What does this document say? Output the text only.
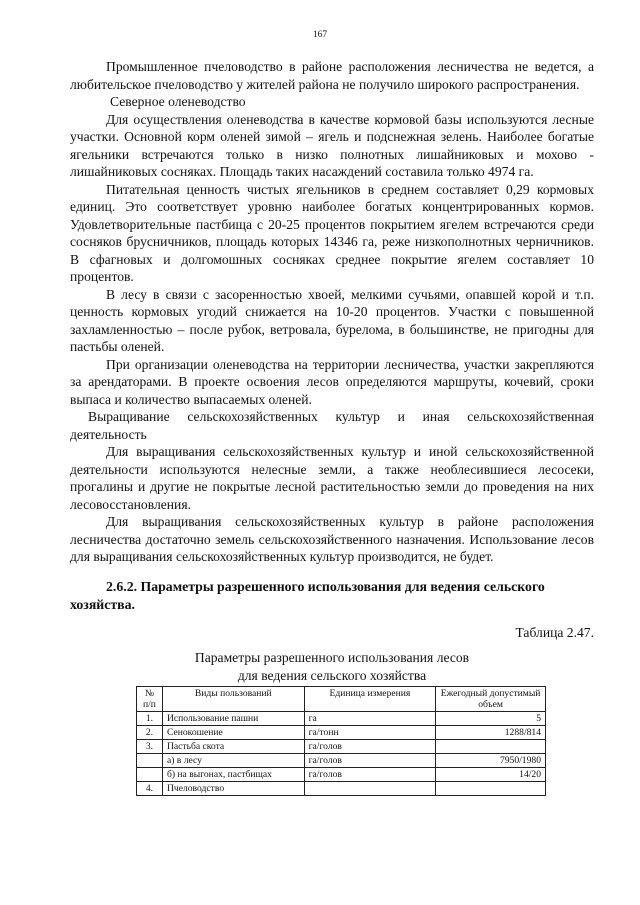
167

Промышленное пчеловодство в районе расположения лесничества не ведется, а любительское пчеловодство у жителей района не получило широкого распространения.

Северное оленеводство

Для осуществления оленеводства в качестве кормовой базы используются лесные участки. Основной корм оленей зимой – ягель и подснежная зелень. Наиболее богатые ягельники встречаются только в низко полнотных лишайниковых и мохово - лишайниковых сосняках. Площадь таких насаждений составила только 4974 га.

Питательная ценность чистых ягельников в среднем составляет 0,29 кормовых единиц. Это соответствует уровню наиболее богатых концентрированных кормов. Удовлетворительные пастбища с 20-25 процентов покрытием ягелем встречаются среди сосняков брусничников, площадь которых 14346 га, реже низкополнотных черничников. В сфагновых и долгомошных сосняках среднее покрытие ягелем составляет 10 процентов.

В лесу в связи с засоренностью хвоей, мелкими сучьями, опавшей корой и т.п. ценность кормовых угодий снижается на 10-20 процентов. Участки с повышенной захламленностью – после рубок, ветровала, бурелома, в большинстве, не пригодны для пастьбы оленей.

При организации оленеводства на территории лесничества, участки закрепляются за арендаторами. В проекте освоения лесов определяются маршруты, кочевий, сроки выпаса и количество выпасаемых оленей.

Выращивание сельскохозяйственных культур и иная сельскохозяйственная деятельность

Для выращивания сельскохозяйственных культур и иной сельскохозяйственной деятельности используются нелесные земли, а также необлесившиеся лесосеки, прогалины и другие не покрытые лесной растительностью земли до проведения на них лесовосстановления.

Для выращивания сельскохозяйственных культур в районе расположения лесничества достаточно земель сельскохозяйственного назначения. Использование лесов для выращивания сельскохозяйственных культур производится, не будет.

2.6.2. Параметры разрешенного использования для ведения сельского хозяйства.
Таблица 2.47.
Параметры разрешенного использования лесов
для ведения сельского хозяйства
№ п/п	Виды пользований	Единица измерения	Ежегодный допустимый объем
1.	Использование пашни	га	5
2.	Сенокошение	га/тонн	1288/814
3.	Пастьба скота	га/голов	
	а) в лесу	га/голов	7950/1980
	б) на выгонах, пастбищах	га/голов	14/20
4.	Пчеловодство		
